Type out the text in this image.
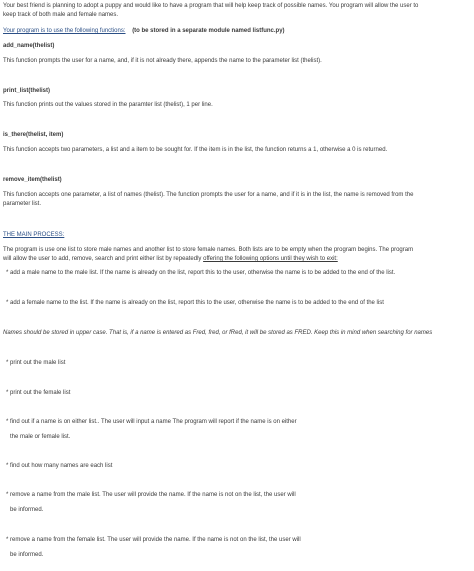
Your best friend is planning to adopt a puppy and would like to have a program that will help keep track of possible names. You program will allow the user to

keep track of both male and female names.

Your program is to use the following functions: (to be stored in a separate module named listfunc.py)

add_name(thelist)

This function prompts the user for a name, and, if it is not already there, appends the name to the parameter list (thelist).

print_list(thelist)

This function prints out the values stored in the paramter list (thelist), 1 per line.

is_there(thelist, item)

This function accepts two parameters, a list and a item to be sought for. If the item is in the list, the function returns a 1, otherwise a 0 is returned.

remove_item(thelist)

This function accepts one parameter, a list of names (thelist). The function prompts the user for a name, and if it is in the list, the name is removed from the

parameter list.

THE MAIN PROCESS:

The program is use one list to store male names and another list to store female names. Both lists are to be empty when the program begins. The program

will allow the user to add, remove, search and print either list by repeatedly offering the following options until they wish to exit:

* add a male name to the male list. If the name is already on the list, report this to the user, otherwise the name is to be added to the end of the list.

* add a female name to the list. If the name is already on the list, report this to the user, otherwise the name is to be added to the end of the list

Names should be stored in upper case. That is, if a name is entered as Fred, fred, or fRed, it will be stored as FRED. Keep this in mind when searching for names

* print out the male list

* print out the female list

* find out if a name is on either list.. The user will input a name The program will report if the name is on either

the male or female list.

* find out how many names are each list

* remove a name from the male list. The user will provide the name. If the name is not on the list, the user will

be informed.

* remove a name from the female list. The user will provide the name. If the name is not on the list, the user will

be informed.
